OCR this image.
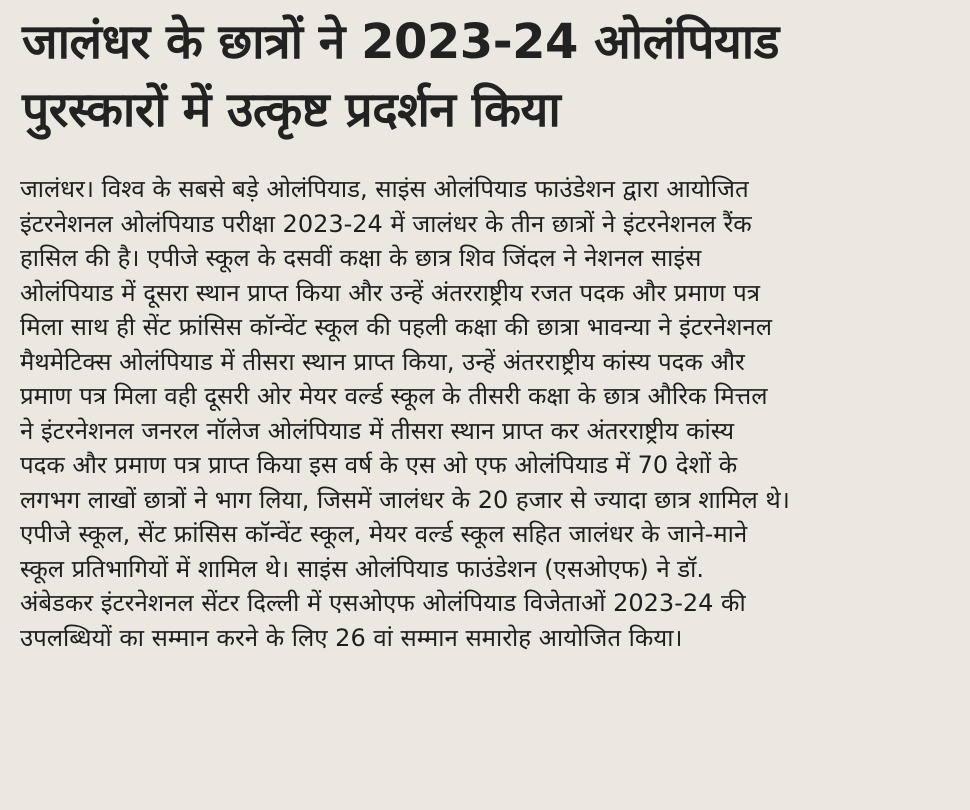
जालंधर के छात्रों ने 2023-24 ओलंपियाड
पुरस्कारों में उत्कृष्ट प्रदर्शन किया
जालंधर। विश्व के सबसे बड़े ओलंपियाड, साइंस ओलंपियाड फाउंडेशन द्वारा आयोजित
इंटरनेशनल ओलंपियाड परीक्षा 2023-24 में जालंधर के तीन छात्रों ने इंटरनेशनल रैंक
हासिल की है। एपीजे स्कूल के दसवीं कक्षा के छात्र शिव जिंदल ने नेशनल साइंस
ओलंपियाड में दूसरा स्थान प्राप्त किया और उन्हें अंतरराष्ट्रीय रजत पदक और प्रमाण पत्र
मिला साथ ही सेंट फ्रांसिस कॉन्वेंट स्कूल की पहली कक्षा की छात्रा भावन्या ने इंटरनेशनल
मैथमेटिक्स ओलंपियाड में तीसरा स्थान प्राप्त किया, उन्हें अंतरराष्ट्रीय कांस्य पदक और
प्रमाण पत्र मिला वही दूसरी ओर मेयर वर्ल्ड स्कूल के तीसरी कक्षा के छात्र औरिक मित्तल
ने इंटरनेशनल जनरल नॉलेज ओलंपियाड में तीसरा स्थान प्राप्त कर अंतरराष्ट्रीय कांस्य
पदक और प्रमाण पत्र प्राप्त किया इस वर्ष के एस ओ एफ ओलंपियाड में 70 देशों के
लगभग लाखों छात्रों ने भाग लिया, जिसमें जालंधर के 20 हजार से ज्यादा छात्र शामिल थे।
एपीजे स्कूल, सेंट फ्रांसिस कॉन्वेंट स्कूल, मेयर वर्ल्ड स्कूल सहित जालंधर के जाने-माने
स्कूल प्रतिभागियों में शामिल थे। साइंस ओलंपियाड फाउंडेशन (एसओएफ) ने डॉ.
अंबेडकर इंटरनेशनल सेंटर दिल्ली में एसओएफ ओलंपियाड विजेताओं 2023-24 की
उपलब्धियों का सम्मान करने के लिए 26 वां सम्मान समारोह आयोजित किया।
